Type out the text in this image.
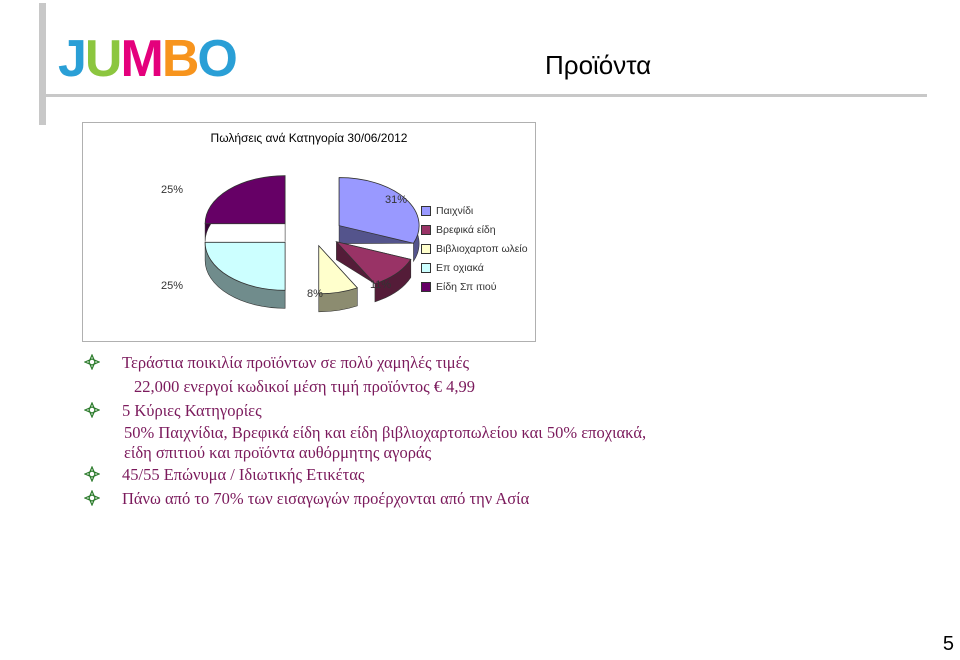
JUMBO	Προϊόντα
Πωλήσεις ανά Κατηγορία 30/06/2012
31%
11%
8%
25%
25%
Παιχνίδι
Βρεφικά είδη
Βιβλιοχαρτοπ ωλείο
Επ οχιακά
Είδη Σπ ιτιού
Τεράστια ποικιλία προϊόντων σε πολύ χαμηλές τιμές
22,000 ενεργοί κωδικοί μέση τιμή προϊόντος € 4,99
5 Κύριες Κατηγορίες
50% Παιχνίδια, Βρεφικά είδη και είδη βιβλιοχαρτοπωλείου και 50% εποχιακά,
είδη σπιτιού και προϊόντα αυθόρμητης αγοράς
45/55 Επώνυμα / Ιδιωτικής Ετικέτας
Πάνω από το 70% των εισαγωγών προέρχονται από την Ασία
5
